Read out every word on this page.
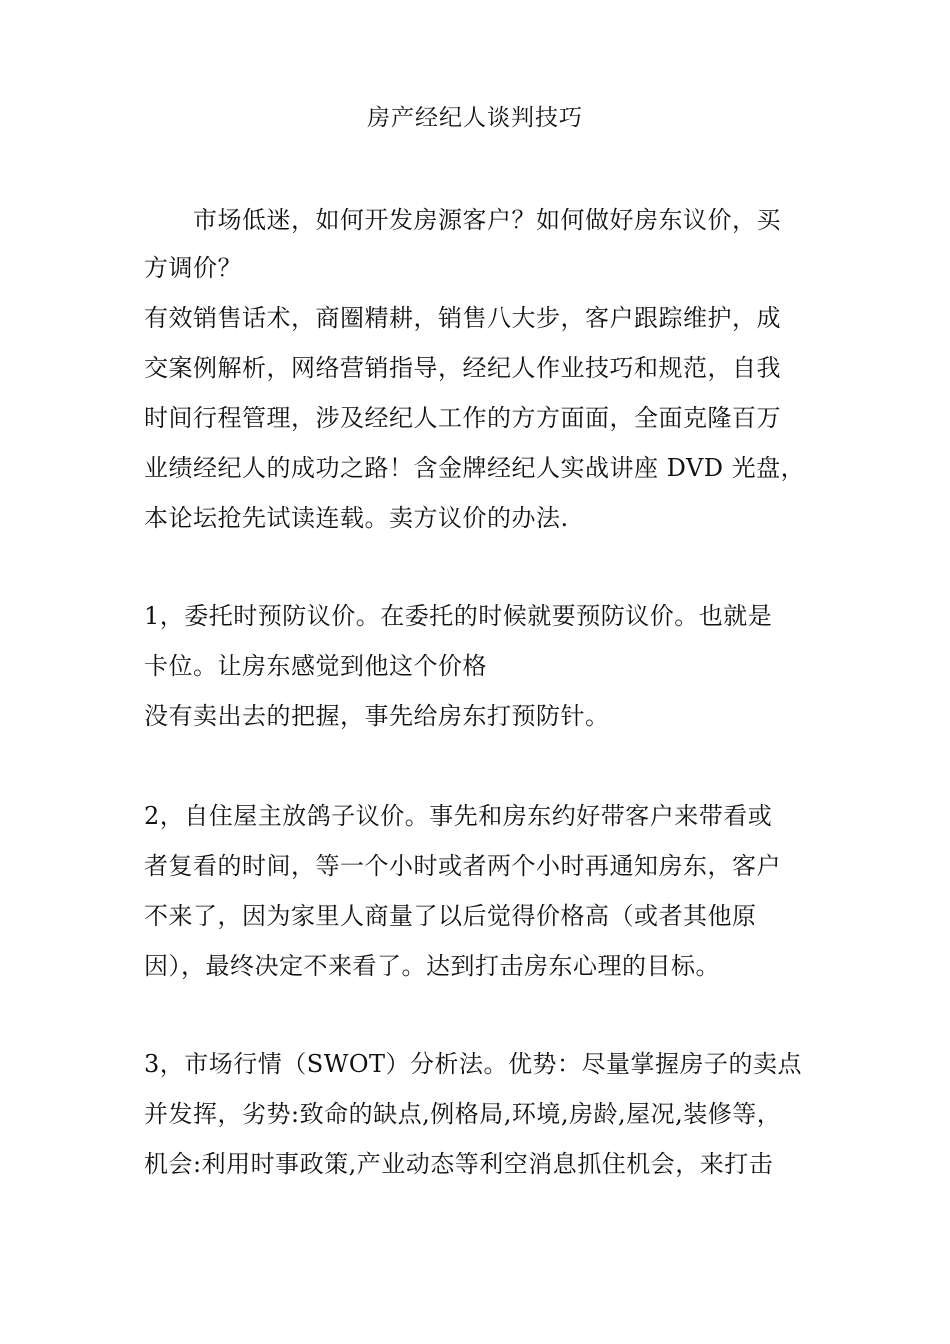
房产经纪人谈判技巧
市场低迷，如何开发房源客户？如何做好房东议价，买
方调价？
有效销售话术，商圈精耕，销售八大步，客户跟踪维护，成
交案例解析，网络营销指导，经纪人作业技巧和规范，自我
时间行程管理，涉及经纪人工作的方方面面，全面克隆百万
业绩经纪人的成功之路！含金牌经纪人实战讲座 DVD 光盘，
本论坛抢先试读连载。卖方议价的办法.
1，委托时预防议价。在委托的时候就要预防议价。也就是
卡位。让房东感觉到他这个价格
没有卖出去的把握，事先给房东打预防针。
2，自住屋主放鸽子议价。事先和房东约好带客户来带看或
者复看的时间，等一个小时或者两个小时再通知房东，客户
不来了，因为家里人商量了以后觉得价格高（或者其他原
因），最终决定不来看了。达到打击房东心理的目标。
3，市场行情（SWOT）分析法。优势：尽量掌握房子的卖点
并发挥，劣势:致命的缺点,例格局,环境,房龄,屋况,装修等，
机会:利用时事政策,产业动态等利空消息抓住机会，来打击
